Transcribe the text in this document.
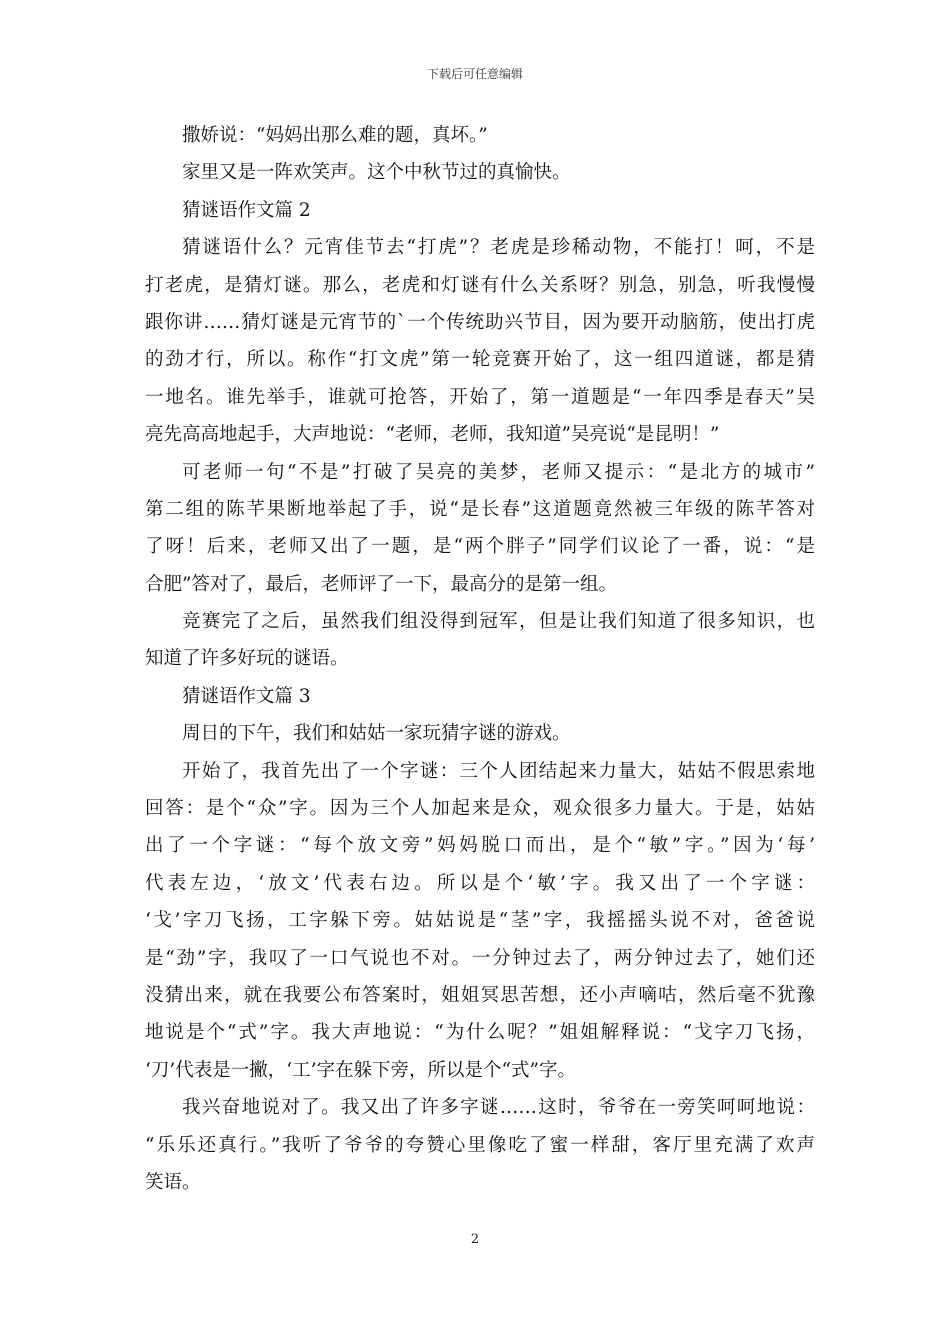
下载后可任意编辑

撒娇说：“妈妈出那么难的题，真坏。”

家里又是一阵欢笑声。这个中秋节过的真愉快。

猜谜语作文篇 2

猜谜语什么？元宵佳节去“打虎”？老虎是珍稀动物，不能打！呵，不是

打老虎，是猜灯谜。那么，老虎和灯谜有什么关系呀？别急，别急，听我慢慢

跟你讲……猜灯谜是元宵节的`一个传统助兴节目，因为要开动脑筋，使出打虎

的劲才行，所以。称作“打文虎”第一轮竞赛开始了，这一组四道谜，都是猜

一地名。谁先举手，谁就可抢答，开始了，第一道题是“一年四季是春天”吴

亮先高高地起手，大声地说：“老师，老师，我知道”吴亮说“是昆明！”

可老师一句“不是”打破了吴亮的美梦，老师又提示：“是北方的城市”

第二组的陈芊果断地举起了手，说“是长春”这道题竟然被三年级的陈芊答对

了呀！后来，老师又出了一题，是“两个胖子”同学们议论了一番，说：“是

合肥”答对了，最后，老师评了一下，最高分的是第一组。

竞赛完了之后，虽然我们组没得到冠军，但是让我们知道了很多知识，也

知道了许多好玩的谜语。

猜谜语作文篇 3

周日的下午，我们和姑姑一家玩猜字谜的游戏。

开始了，我首先出了一个字谜：三个人团结起来力量大，姑姑不假思索地

回答：是个“众”字。因为三个人加起来是众，观众很多力量大。于是，姑姑

出了一个字谜：“每个放文旁”妈妈脱口而出，是个“敏”字。”因为‘每’

代表左边，‘放文’代表右边。所以是个‘敏’字。我又出了一个字谜：

‘戈’字刀飞扬，工字躲下旁。姑姑说是“茎”字，我摇摇头说不对，爸爸说

是“劲”字，我叹了一口气说也不对。一分钟过去了，两分钟过去了，她们还

没猜出来，就在我要公布答案时，姐姐冥思苦想，还小声嘀咕，然后毫不犹豫

地说是个“式”字。我大声地说：“为什么呢？”姐姐解释说：“戈字刀飞扬，

‘刀’代表是一撇，‘工’字在躲下旁，所以是个“式”字。

我兴奋地说对了。我又出了许多字谜……这时，爷爷在一旁笑呵呵地说：

“乐乐还真行。”我听了爷爷的夸赞心里像吃了蜜一样甜，客厅里充满了欢声

笑语。

2
